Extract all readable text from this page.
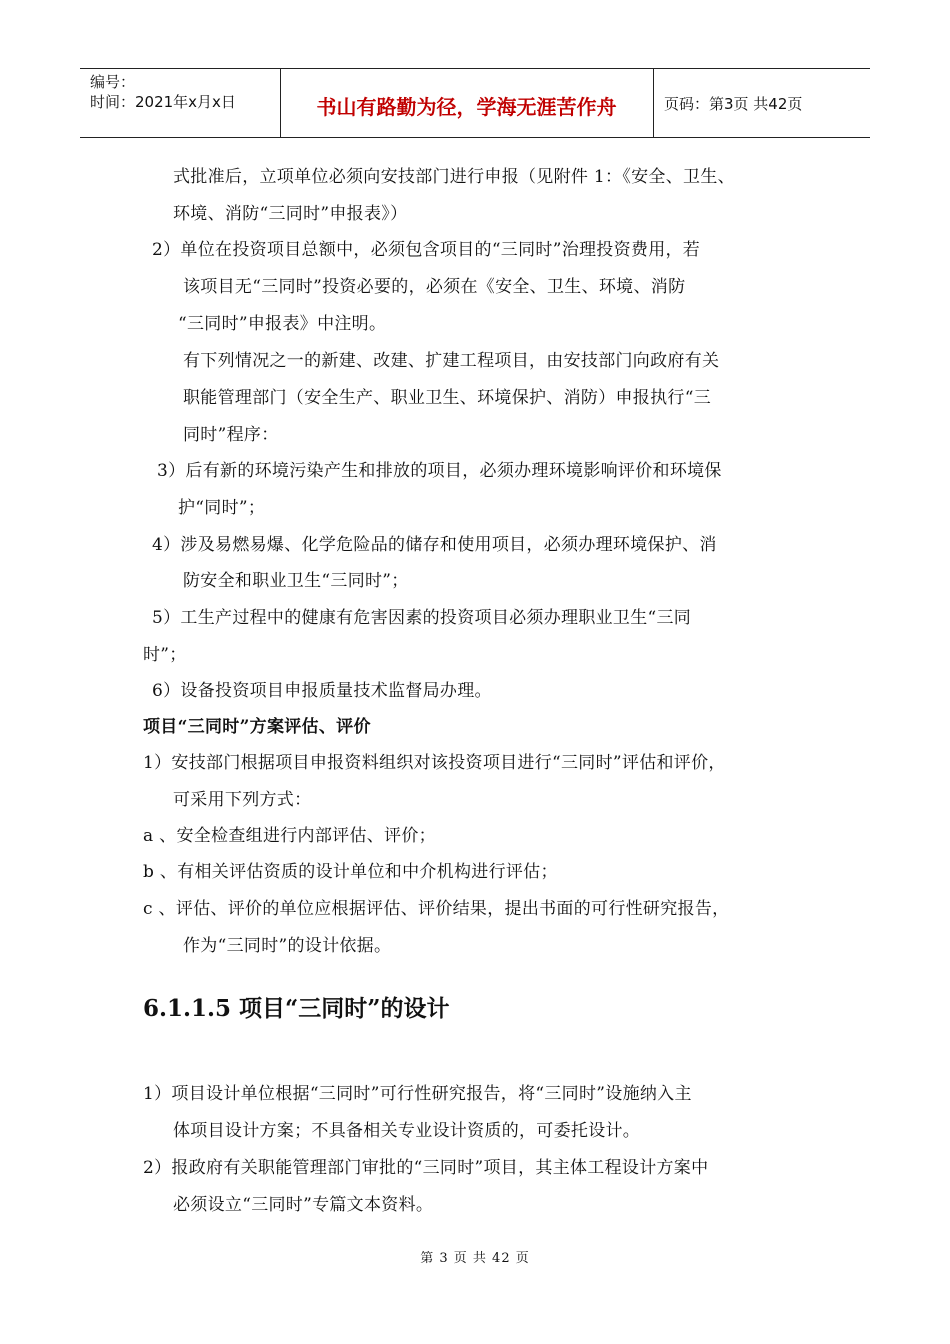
编号：
时间：2021年x月x日	书山有路勤为径，学海无涯苦作舟	页码：第3页 共42页
式批准后，立项单位必须向安技部门进行申报（见附件 1：《安全、卫生、
环境、消防“三同时”申报表》）
2）单位在投资项目总额中，必须包含项目的“三同时”治理投资费用，若
该项目无“三同时”投资必要的，必须在《安全、卫生、环境、消防
“三同时”申报表》中注明。
有下列情况之一的新建、改建、扩建工程项目，由安技部门向政府有关
职能管理部门（安全生产、职业卫生、环境保护、消防）申报执行“三
同时”程序：
3）后有新的环境污染产生和排放的项目，必须办理环境影响评价和环境保
护“同时”；
4）涉及易燃易爆、化学危险品的储存和使用项目，必须办理环境保护、消
防安全和职业卫生“三同时”；
5）工生产过程中的健康有危害因素的投资项目必须办理职业卫生“三同
时”；
6）设备投资项目申报质量技术监督局办理。
项目“三同时”方案评估、评价
1）安技部门根据项目申报资料组织对该投资项目进行“三同时”评估和评价，
可采用下列方式：
a 、安全检查组进行内部评估、评价；
b 、有相关评估资质的设计单位和中介机构进行评估；
c 、评估、评价的单位应根据评估、评价结果，提出书面的可行性研究报告，
作为“三同时”的设计依据。
6.1.1.5 项目“三同时”的设计
1）项目设计单位根据“三同时”可行性研究报告，将“三同时”设施纳入主
体项目设计方案；不具备相关专业设计资质的，可委托设计。
2）报政府有关职能管理部门审批的“三同时”项目，其主体工程设计方案中
必须设立“三同时”专篇文本资料。
第 3 页 共 42 页
